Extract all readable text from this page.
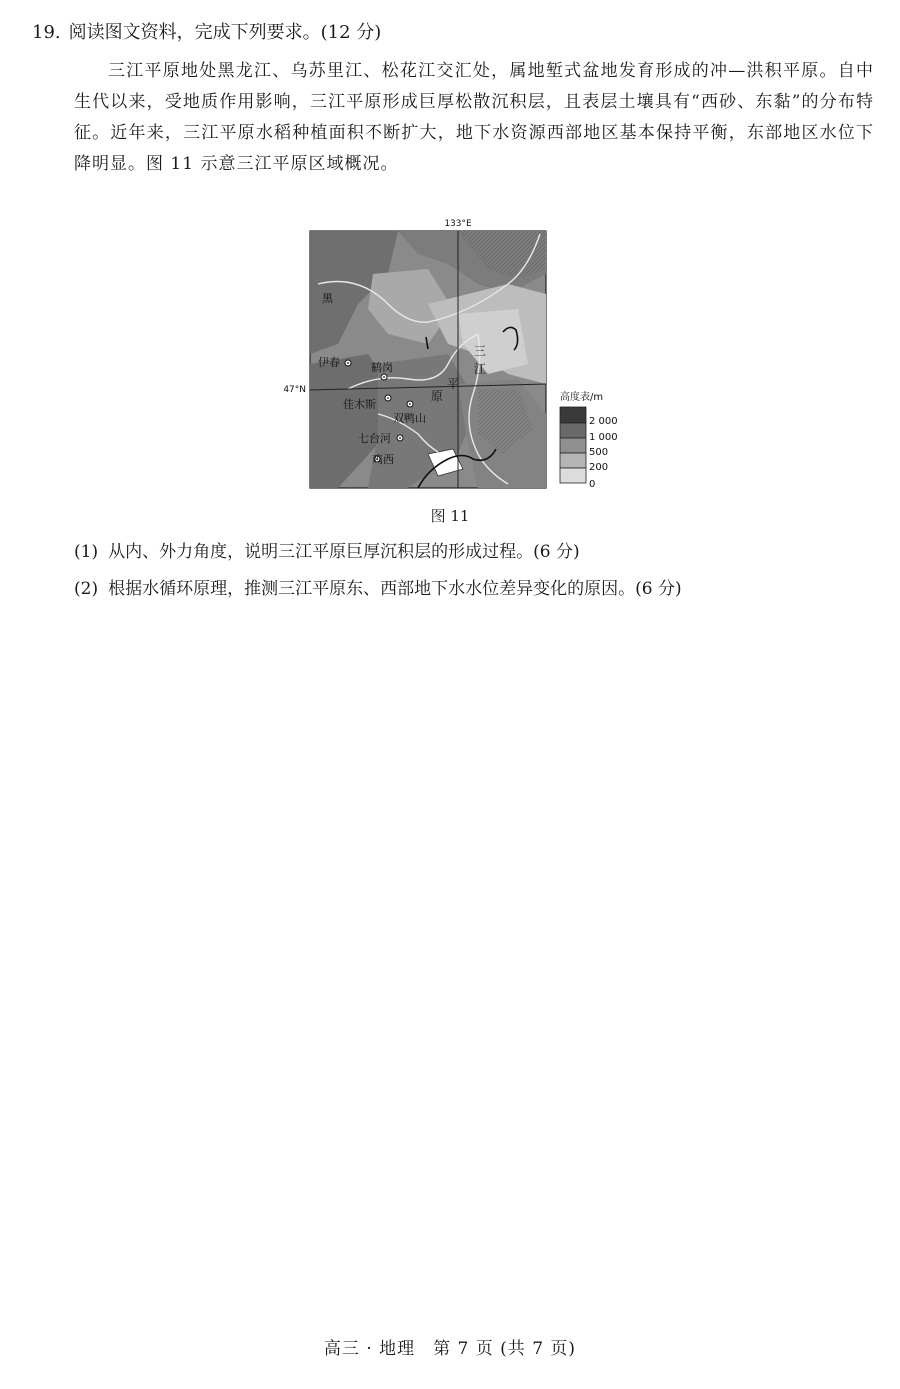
19. 阅读图文资料，完成下列要求。(12 分)
三江平原地处黑龙江、乌苏里江、松花江交汇处，属地堑式盆地发育形成的冲—洪积平原。自中生代以来，受地质作用影响，三江平原形成巨厚松散沉积层，且表层土壤具有“西砂、东黏”的分布特征。近年来，三江平原水稻种植面积不断扩大，地下水资源西部地区基本保持平衡，东部地区水位下降明显。图 11 示意三江平原区域概况。
133°E
47°N
黑
三
江
平
原
伊春	鹤岗
佳木斯
双鸭山
七台河
鸡西
高度表/m
2 000
1 000
500
200
0
图 11
(1) 从内、外力角度，说明三江平原巨厚沉积层的形成过程。(6 分)
(2) 根据水循环原理，推测三江平原东、西部地下水水位差异变化的原因。(6 分)
高三 · 地理　第 7 页 (共 7 页)
